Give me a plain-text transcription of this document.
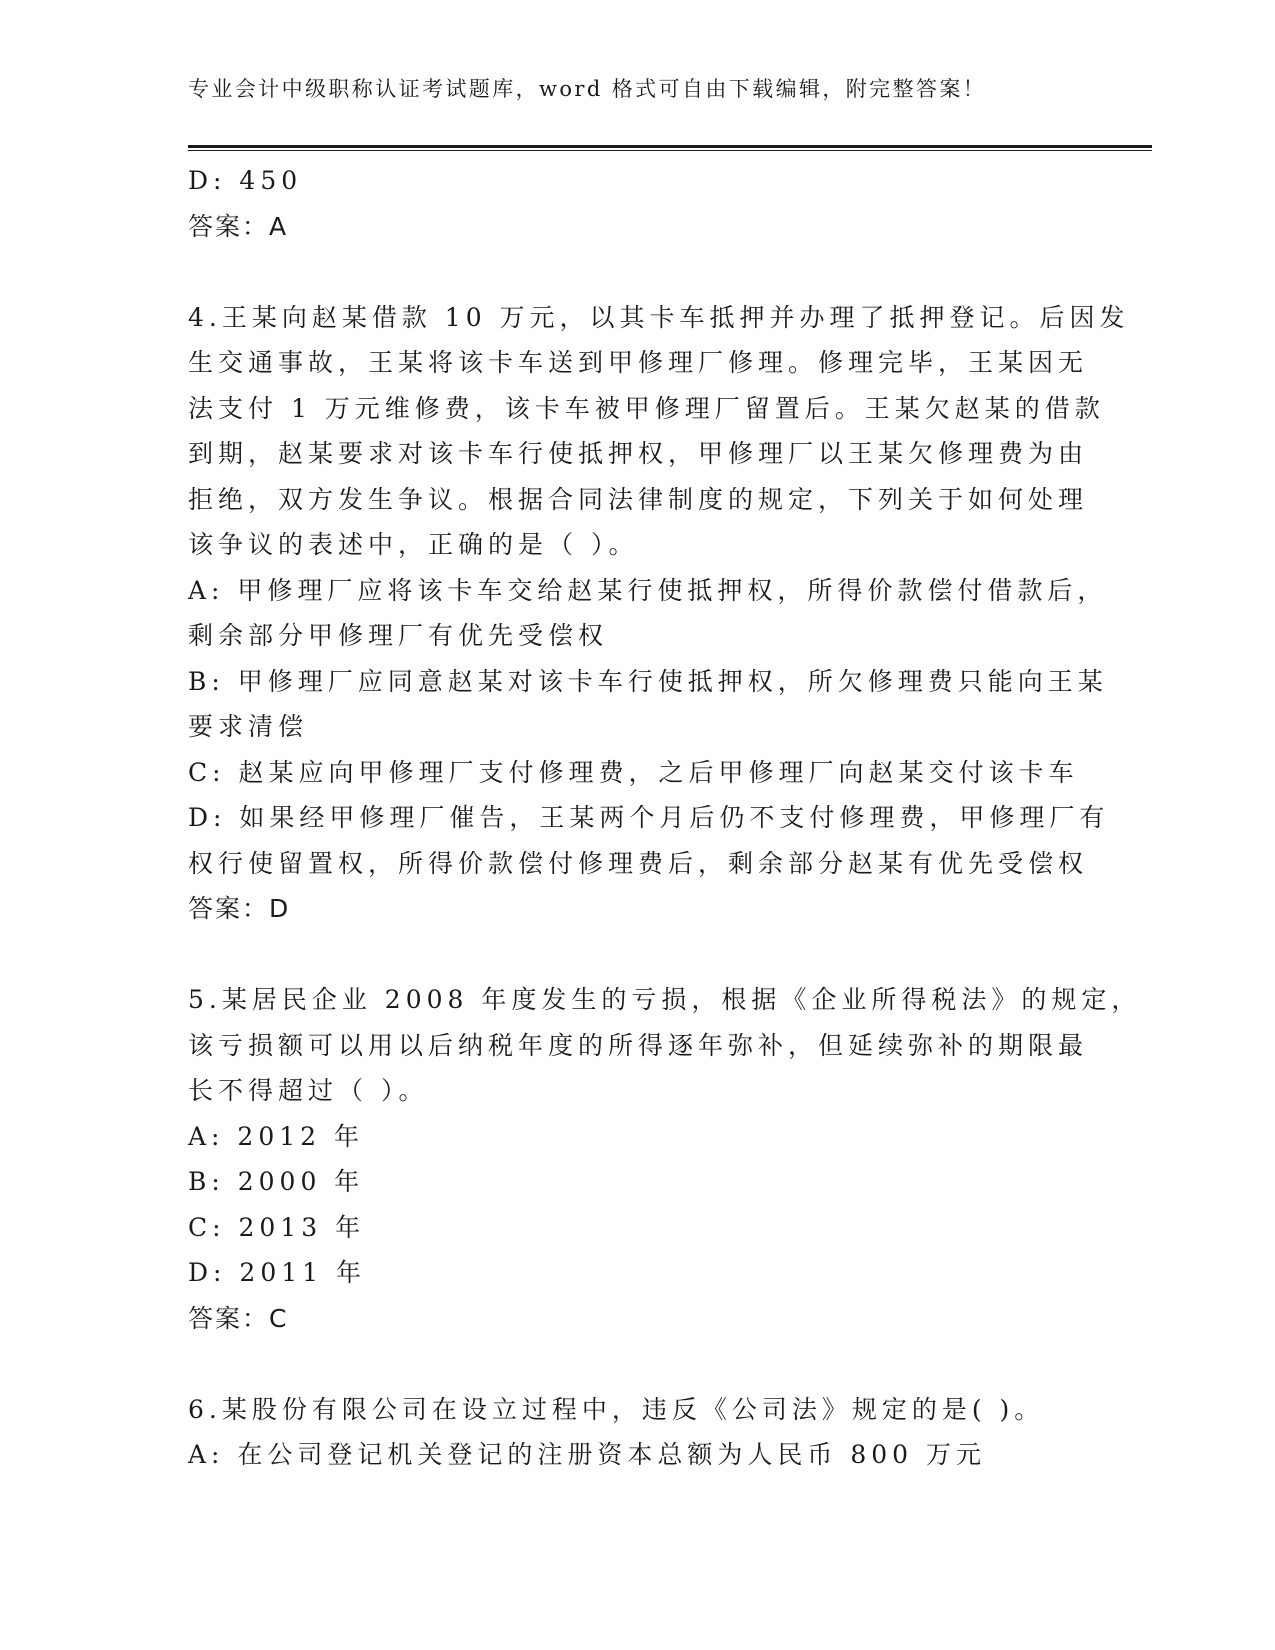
专业会计中级职称认证考试题库，word 格式可自由下载编辑，附完整答案！
D: 450
答案：A
4.王某向赵某借款 10 万元，以其卡车抵押并办理了抵押登记。后因发
生交通事故，王某将该卡车送到甲修理厂修理。修理完毕，王某因无
法支付 1 万元维修费，该卡车被甲修理厂留置后。王某欠赵某的借款
到期，赵某要求对该卡车行使抵押权，甲修理厂以王某欠修理费为由
拒绝，双方发生争议。根据合同法律制度的规定，下列关于如何处理
该争议的表述中，正确的是（ ）。
A: 甲修理厂应将该卡车交给赵某行使抵押权，所得价款偿付借款后，
剩余部分甲修理厂有优先受偿权
B: 甲修理厂应同意赵某对该卡车行使抵押权，所欠修理费只能向王某
要求清偿
C: 赵某应向甲修理厂支付修理费，之后甲修理厂向赵某交付该卡车
D: 如果经甲修理厂催告，王某两个月后仍不支付修理费，甲修理厂有
权行使留置权，所得价款偿付修理费后，剩余部分赵某有优先受偿权
答案：D
5.某居民企业 2008 年度发生的亏损，根据《企业所得税法》的规定，
该亏损额可以用以后纳税年度的所得逐年弥补，但延续弥补的期限最
长不得超过（ ）。
A: 2012 年
B: 2000 年
C: 2013 年
D: 2011 年
答案：C
6.某股份有限公司在设立过程中，违反《公司法》规定的是( )。
A: 在公司登记机关登记的注册资本总额为人民币 800 万元
